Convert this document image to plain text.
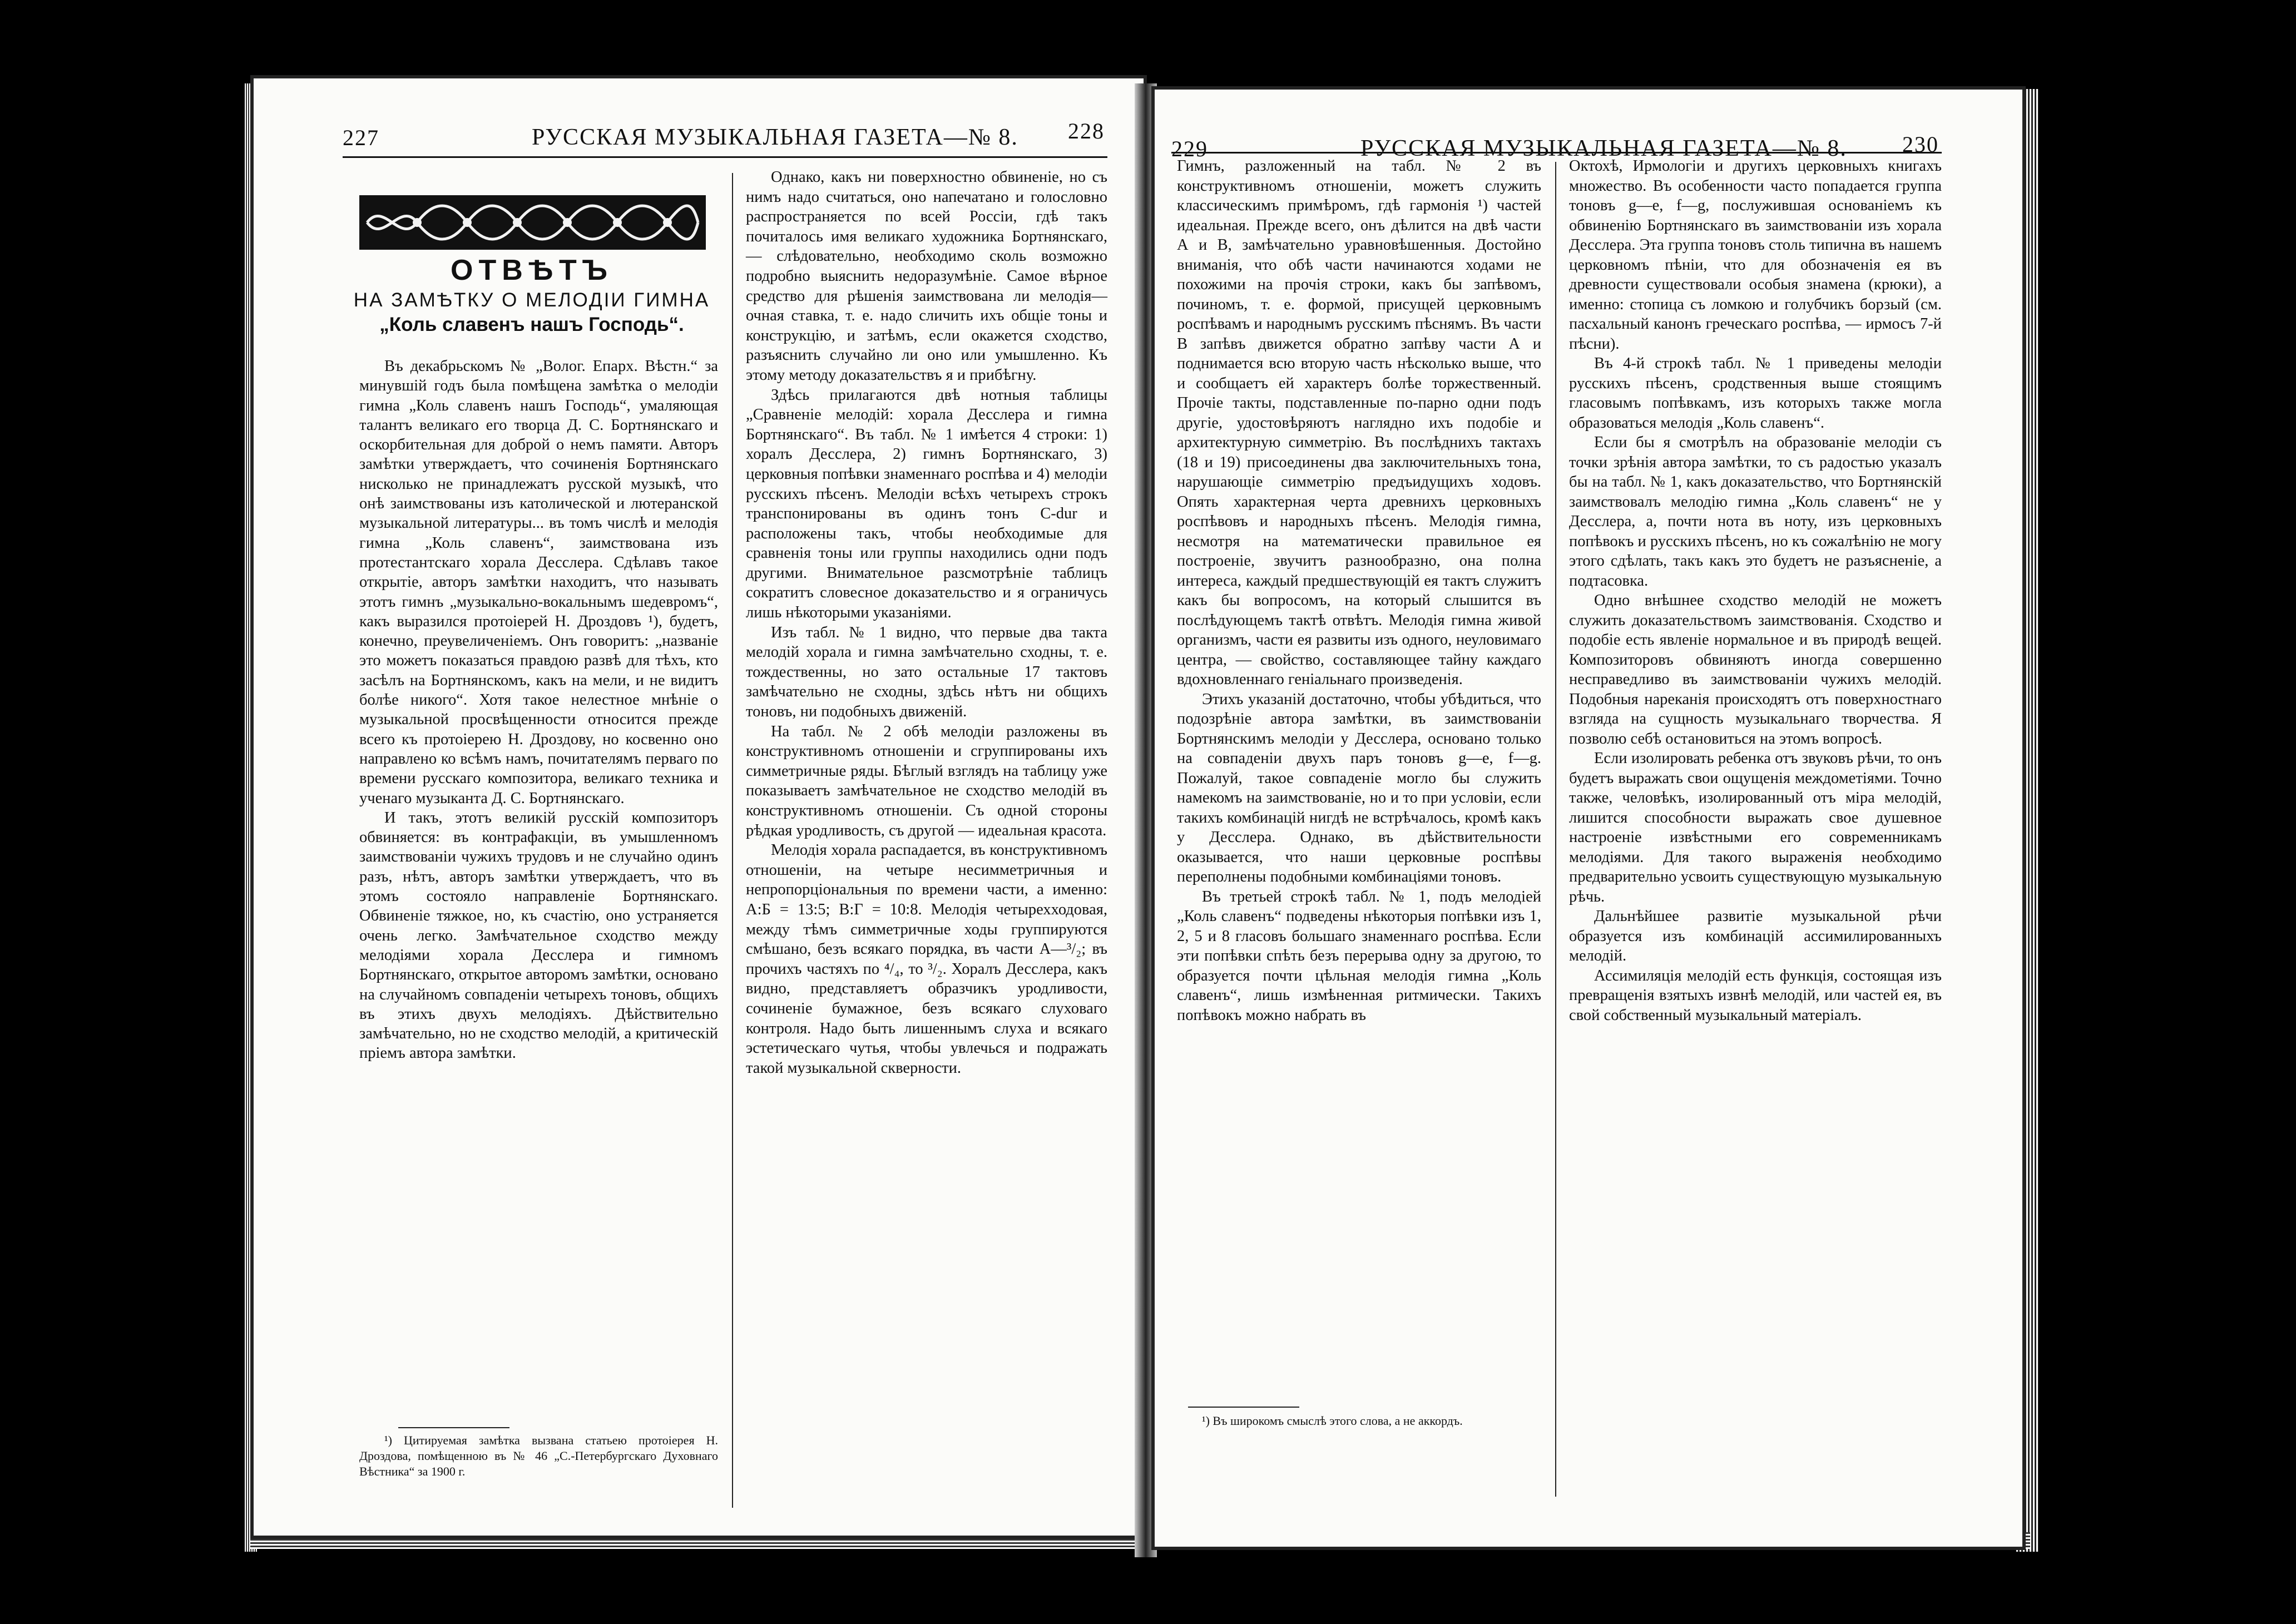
227	РУССКАЯ МУЗЫКАЛЬНАЯ ГАЗЕТА—№ 8. 228
ОТВѢТЪ
НА ЗАМѢТКУ О МЕЛОДІИ ГИМНА
„Коль славенъ нашъ Господь“.

Въ декабрьскомъ № „Волог. Епарх. Вѣстн.“ за минувшій годъ была помѣщена замѣтка о мелодіи гимна „Коль славенъ нашъ Господь“, умаляющая талантъ великаго его творца Д. С. Бортнянскаго и оскорбительная для доброй о немъ памяти. Авторъ замѣтки утверждаетъ, что сочиненія Бортнянскаго нисколько не принадлежатъ русской музыкѣ, что онѣ заимствованы изъ католической и лютеранской музыкальной литературы... въ томъ числѣ и мелодія гимна „Коль славенъ“, заимствована изъ протестантскаго хорала Десслера. Сдѣлавъ такое открытіе, авторъ замѣтки находитъ, что называть этотъ гимнъ „музыкально-вокальнымъ шедевромъ“, какъ выразился протоіерей Н. Дроздовъ ¹), будетъ, конечно, преувеличеніемъ. Онъ говоритъ: „названіе это можетъ показаться правдою развѣ для тѣхъ, кто засѣлъ на Бортнянскомъ, какъ на мели, и не видитъ болѣе никого“. Хотя такое нелестное мнѣніе о музыкальной просвѣщенности относится прежде всего къ протоіерею Н. Дроздову, но косвенно оно направлено ко всѣмъ намъ, почитателямъ перваго по времени русскаго композитора, великаго техника и ученаго музыканта Д. С. Бортнянскаго.

И такъ, этотъ великій русскій композиторъ обвиняется: въ контрафакціи, въ умышленномъ заимствованіи чужихъ трудовъ и не случайно одинъ разъ, нѣтъ, авторъ замѣтки утверждаетъ, что въ этомъ состояло направленіе Бортнянскаго. Обвиненіе тяжкое, но, къ счастію, оно устраняется очень легко. Замѣчательное сходство между мелодіями хорала Десслера и гимномъ Бортнянскаго, открытое авторомъ замѣтки, основано на случайномъ совпаденіи четырехъ тоновъ, общихъ въ этихъ двухъ мелодіяхъ. Дѣйствительно замѣчательно, но не сходство мелодій, а критическій пріемъ автора замѣтки.

¹) Цитируемая замѣтка вызвана статьею протоіерея Н. Дроздова, помѣщенною въ № 46 „С.-Петербургскаго Духовнаго Вѣстника“ за 1900 г.

Однако, какъ ни поверхностно обвиненіе, но съ нимъ надо считаться, оно напечатано и голословно распространяется по всей Россіи, гдѣ такъ почиталось имя великаго художника Бортнянскаго, — слѣдовательно, необходимо сколь возможно подробно выяснить недоразумѣніе. Самое вѣрное средство для рѣшенія заимствована ли мелодія—очная ставка, т. е. надо сличить ихъ общіе тоны и конструкцію, и затѣмъ, если окажется сходство, разъяснить случайно ли оно или умышленно. Къ этому методу доказательствъ я и прибѣгну.

Здѣсь прилагаются двѣ нотныя таблицы „Сравненіе мелодій: хорала Десслера и гимна Бортнянскаго“. Въ табл. № 1 имѣется 4 строки: 1) хоралъ Десслера, 2) гимнъ Бортнянскаго, 3) церковныя попѣвки знаменнаго роспѣва и 4) мелодіи русскихъ пѣсенъ. Мелодіи всѣхъ четырехъ строкъ транспонированы въ одинъ тонъ C-dur и расположены такъ, чтобы необходимые для сравненія тоны или группы находились одни подъ другими. Внимательное разсмотрѣніе таблицъ сократитъ словесное доказательство и я ограничусь лишь нѣкоторыми указаніями.

Изъ табл. № 1 видно, что первые два такта мелодій хорала и гимна замѣчательно сходны, т. е. тождественны, но зато остальные 17 тактовъ замѣчательно не сходны, здѣсь нѣтъ ни общихъ тоновъ, ни подобныхъ движеній.

На табл. № 2 обѣ мелодіи разложены въ конструктивномъ отношеніи и сгруппированы ихъ симметричные ряды. Бѣглый взглядъ на таблицу уже показываетъ замѣчательное не сходство мелодій въ конструктивномъ отношеніи. Съ одной стороны рѣдкая уродливость, съ другой — идеальная красота.

Мелодія хорала распадается, въ конструктивномъ отношеніи, на четыре несимметричныя и непропорціональныя по времени части, а именно: А:Б = 13:5; В:Г = 10:8. Мелодія четырехходовая, между тѣмъ симметричные ходы группируются смѣшано, безъ всякаго порядка, въ части А—³/₂; въ прочихъ частяхъ по ⁴/₄, то ³/₂. Хоралъ Десслера, какъ видно, представляетъ образчикъ уродливости, сочиненіе бумажное, безъ всякаго слуховаго контроля. Надо быть лишеннымъ слуха и всякаго эстетическаго чутья, чтобы увлечься и подражать такой музыкальной скверности.

229	РУССКАЯ МУЗЫКАЛЬНАЯ ГАЗЕТА—№ 8. 230

Гимнъ, разложенный на табл. № 2 въ конструктивномъ отношеніи, можетъ служить классическимъ примѣромъ, гдѣ гармонія ¹) частей идеальная. Прежде всего, онъ дѣлится на двѣ части А и В, замѣчательно уравновѣшенныя. Достойно вниманія, что обѣ части начинаются ходами не похожими на прочія строки, какъ бы запѣвомъ, починомъ, т. е. формой, присущей церковнымъ роспѣвамъ и народнымъ русскимъ пѣснямъ. Въ части В запѣвъ движется обратно запѣву части А и поднимается всю вторую часть нѣсколько выше, что и сообщаетъ ей характеръ болѣе торжественный. Прочіе такты, подставленные по-парно одни подъ другіе, удостовѣряютъ наглядно ихъ подобіе и архитектурную симметрію. Въ послѣднихъ тактахъ (18 и 19) присоединены два заключительныхъ тона, нарушающіе симметрію предъидущихъ ходовъ. Опять характерная черта древнихъ церковныхъ роспѣвовъ и народныхъ пѣсенъ. Мелодія гимна, несмотря на математически правильное ея построеніе, звучитъ разнообразно, она полна интереса, каждый предшествующій ея тактъ служитъ какъ бы вопросомъ, на который слышится въ послѣдующемъ тактѣ отвѣтъ. Мелодія гимна живой организмъ, части ея развиты изъ одного, неуловимаго центра, — свойство, составляющее тайну каждаго вдохновленнаго геніальнаго произведенія.

Этихъ указаній достаточно, чтобы убѣдиться, что подозрѣніе автора замѣтки, въ заимствованіи Бортнянскимъ мелодіи у Десслера, основано только на совпаденіи двухъ паръ тоновъ g—e, f—g. Пожалуй, такое совпаденіе могло бы служить намекомъ на заимствованіе, но и то при условіи, если такихъ комбинацій нигдѣ не встрѣчалось, кромѣ какъ у Десслера. Однако, въ дѣйствительности оказывается, что наши церковные роспѣвы переполнены подобными комбинаціями тоновъ.

Въ третьей строкѣ табл. № 1, подъ мелодіей „Коль славенъ“ подведены нѣкоторыя попѣвки изъ 1, 2, 5 и 8 гласовъ большаго знаменнаго роспѣва. Если эти попѣвки спѣть безъ перерыва одну за другою, то образуется почти цѣльная мелодія гимна „Коль славенъ“, лишь измѣненная ритмически. Такихъ попѣвокъ можно набрать въ

¹) Въ широкомъ смыслѣ этого слова, а не аккордъ.

Октохѣ, Ирмологіи и другихъ церковныхъ книгахъ множество. Въ особенности часто попадается группа тоновъ g—e, f—g, послужившая основаніемъ къ обвиненію Бортнянскаго въ заимствованіи изъ хорала Десслера. Эта группа тоновъ столь типична въ нашемъ церковномъ пѣніи, что для обозначенія ея въ древности существовали особыя знамена (крюки), а именно: стопица съ ломкою и голубчикъ борзый (см. пасхальный канонъ греческаго роспѣва, — ирмосъ 7-й пѣсни).

Въ 4-й строкѣ табл. № 1 приведены мелодіи русскихъ пѣсенъ, сродственныя выше стоящимъ гласовымъ попѣвкамъ, изъ которыхъ также могла образоваться мелодія „Коль славенъ“.

Если бы я смотрѣлъ на образованіе мелодіи съ точки зрѣнія автора замѣтки, то съ радостью указалъ бы на табл. № 1, какъ доказательство, что Бортнянскій заимствовалъ мелодію гимна „Коль славенъ“ не у Десслера, а, почти нота въ ноту, изъ церковныхъ попѣвокъ и русскихъ пѣсенъ, но къ сожалѣнію не могу этого сдѣлать, такъ какъ это будетъ не разъясненіе, а подтасовка.

Одно внѣшнее сходство мелодій не можетъ служить доказательствомъ заимствованія. Сходство и подобіе есть явленіе нормальное и въ природѣ вещей. Композиторовъ обвиняютъ иногда совершенно несправедливо въ заимствованіи чужихъ мелодій. Подобныя нареканія происходятъ отъ поверхностнаго взгляда на сущность музыкальнаго творчества. Я позволю себѣ остановиться на этомъ вопросѣ.

Если изолировать ребенка отъ звуковъ рѣчи, то онъ будетъ выражать свои ощущенія междометіями. Точно также, человѣкъ, изолированный отъ міра мелодій, лишится способности выражать свое душевное настроеніе извѣстными его современникамъ мелодіями. Для такого выраженія необходимо предварительно усвоить существующую музыкальную рѣчь.

Дальнѣйшее развитіе музыкальной рѣчи образуется изъ комбинацій ассимилированныхъ мелодій.

Ассимиляція мелодій есть функція, состоящая изъ превращенія взятыхъ извнѣ мелодій, или частей ея, въ свой собственный музыкальный матеріалъ.
